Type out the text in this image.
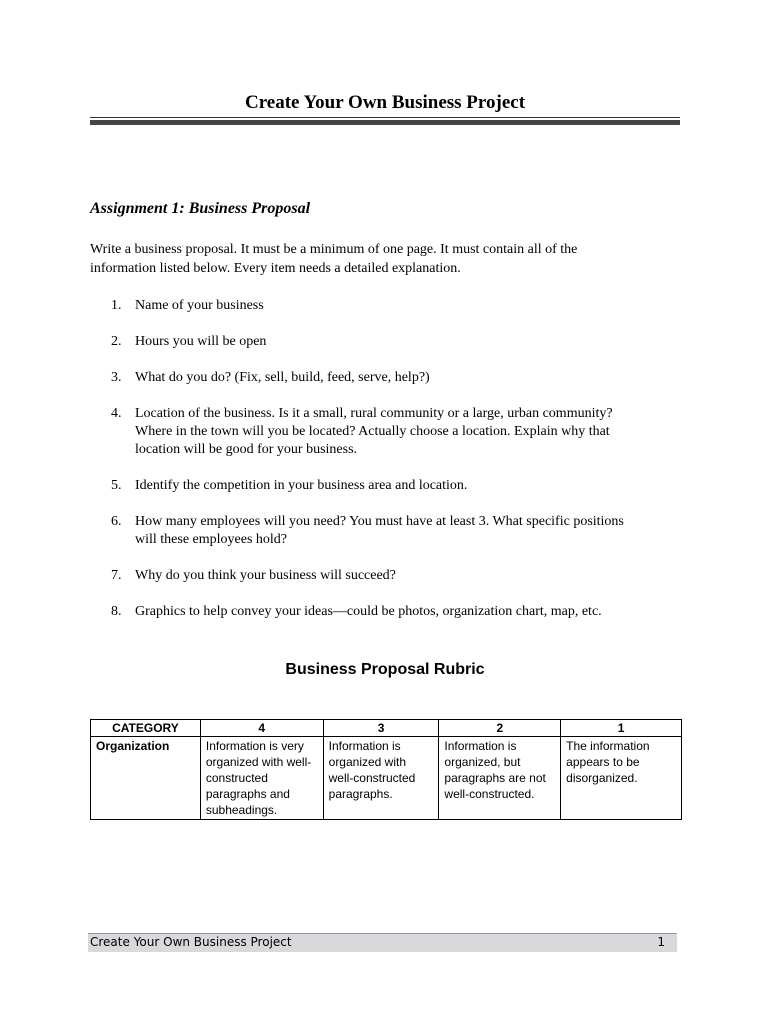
Create Your Own Business Project
Assignment 1: Business Proposal

Write a business proposal. It must be a minimum of one page. It must contain all of the

information listed below. Every item needs a detailed explanation.

1. Name of your business
2. Hours you will be open
3. What do you do? (Fix, sell, build, feed, serve, help?)
4. Location of the business. Is it a small, rural community or a large, urban community?
Where in the town will you be located? Actually choose a location. Explain why that
location will be good for your business.
5. Identify the competition in your business area and location.
6. How many employees will you need? You must have at least 3. What specific positions
will these employees hold?
7. Why do you think your business will succeed?
8. Graphics to help convey your ideas—could be photos, organization chart, map, etc.
Business Proposal Rubric
CATEGORY	4	3	2	1
Organization	Information is very organized with well-constructed paragraphs and subheadings.	Information is organized with well-constructed paragraphs.	Information is organized, but paragraphs are not well-constructed.	The information appears to be disorganized.
Create Your Own Business Project	1
